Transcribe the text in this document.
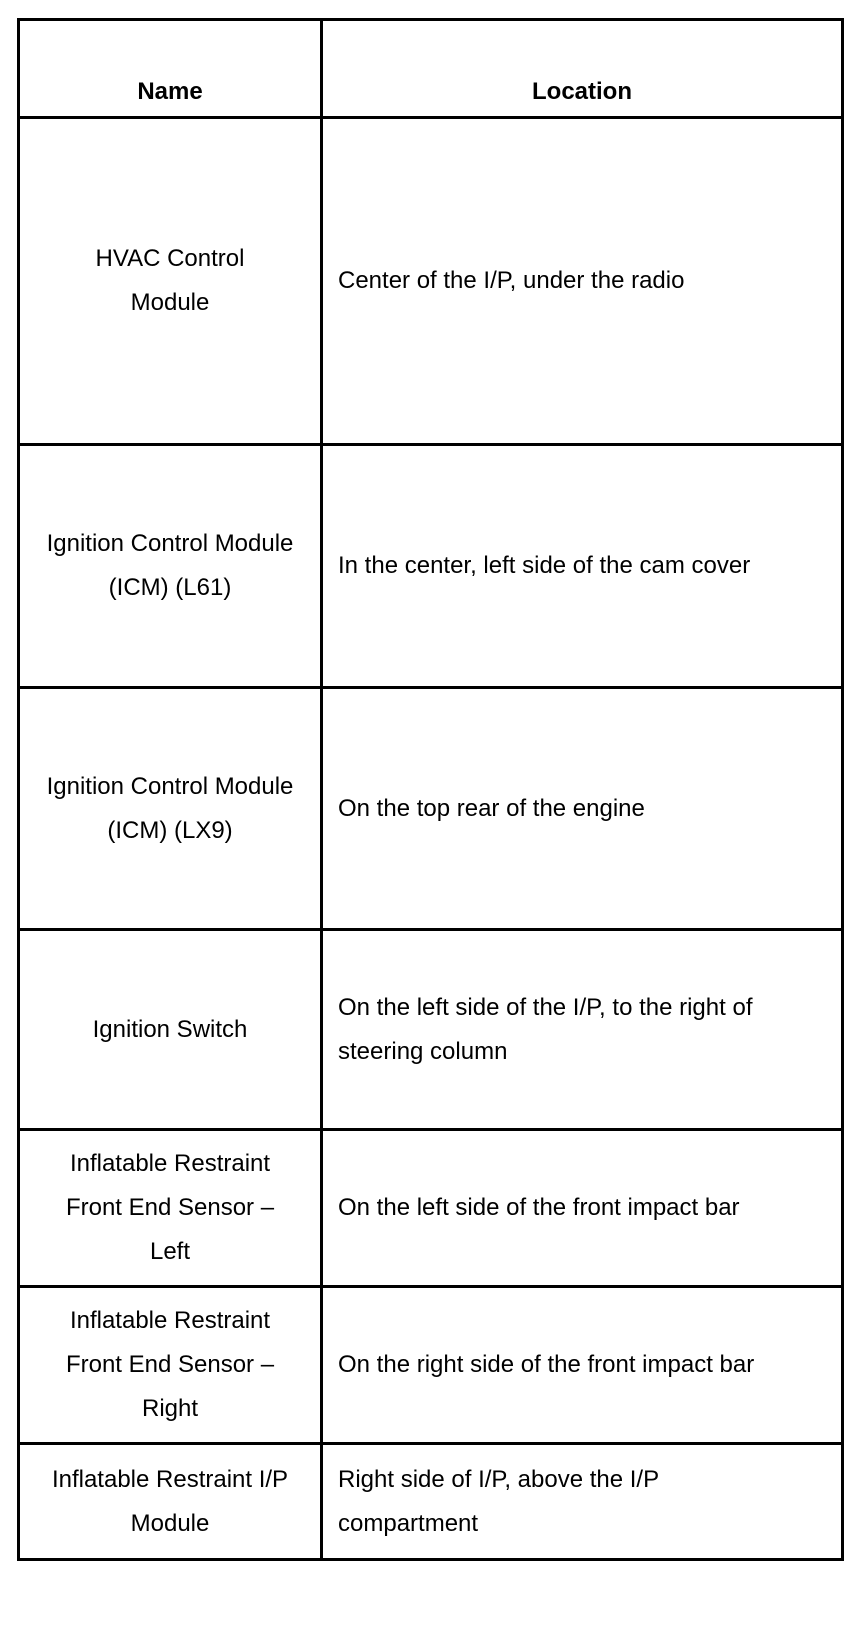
Name	Location
HVAC Control Module	Center of the I/P, under the radio
Ignition Control Module (ICM) (L61)	In the center, left side of the cam cover
Ignition Control Module (ICM) (LX9)	On the top rear of the engine
Ignition Switch	On the left side of the I/P, to the right of steering column
Inflatable Restraint Front End Sensor – Left	On the left side of the front impact bar
Inflatable Restraint Front End Sensor – Right	On the right side of the front impact bar
Inflatable Restraint I/P Module	Right side of I/P, above the I/P compartment
